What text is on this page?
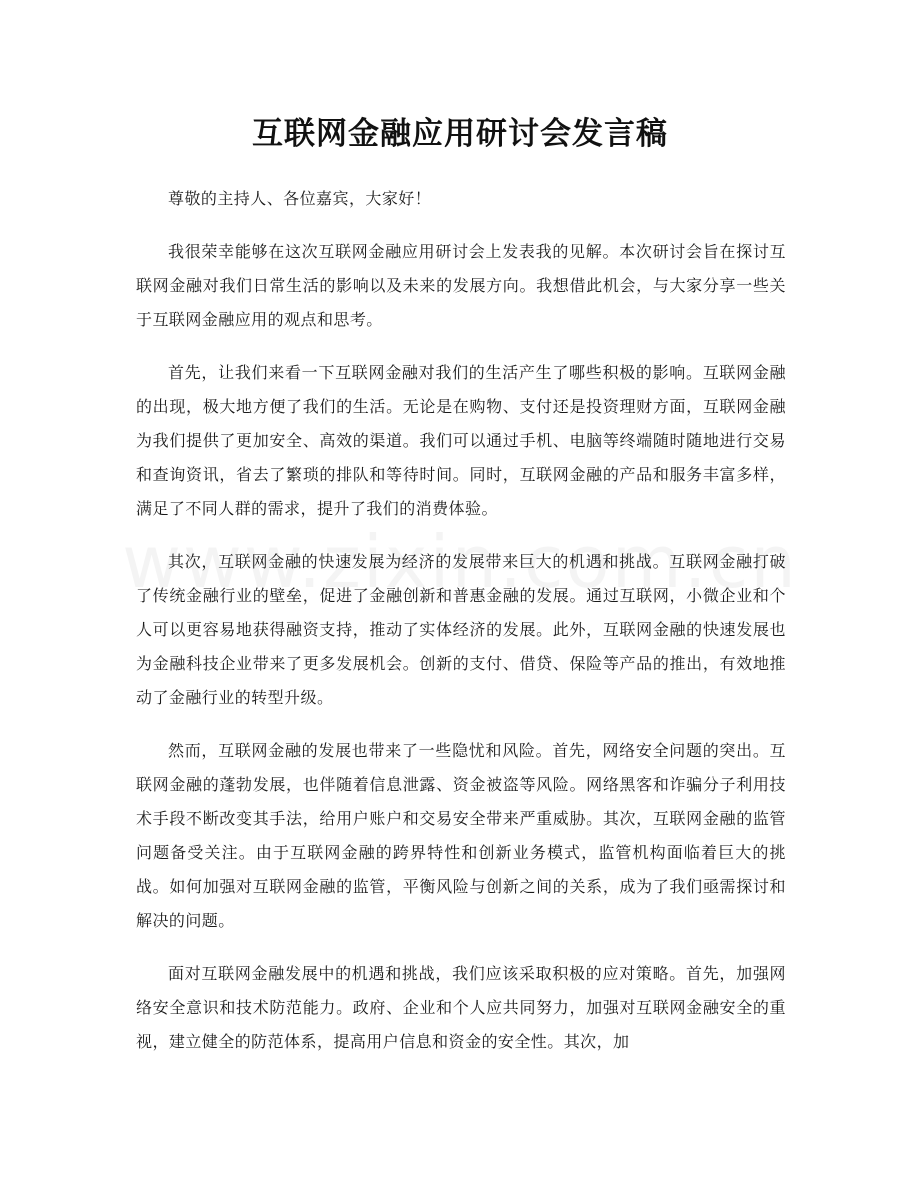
互联网金融应用研讨会发言稿

尊敬的主持人、各位嘉宾，大家好！

我很荣幸能够在这次互联网金融应用研讨会上发表我的见解。本次研讨会旨在探讨互联网金融对我们日常生活的影响以及未来的发展方向。我想借此机会，与大家分享一些关于互联网金融应用的观点和思考。

首先，让我们来看一下互联网金融对我们的生活产生了哪些积极的影响。互联网金融的出现，极大地方便了我们的生活。无论是在购物、支付还是投资理财方面，互联网金融为我们提供了更加安全、高效的渠道。我们可以通过手机、电脑等终端随时随地进行交易和查询资讯，省去了繁琐的排队和等待时间。同时，互联网金融的产品和服务丰富多样，满足了不同人群的需求，提升了我们的消费体验。

其次，互联网金融的快速发展为经济的发展带来巨大的机遇和挑战。互联网金融打破了传统金融行业的壁垒，促进了金融创新和普惠金融的发展。通过互联网，小微企业和个人可以更容易地获得融资支持，推动了实体经济的发展。此外，互联网金融的快速发展也为金融科技企业带来了更多发展机会。创新的支付、借贷、保险等产品的推出，有效地推动了金融行业的转型升级。

然而，互联网金融的发展也带来了一些隐忧和风险。首先，网络安全问题的突出。互联网金融的蓬勃发展，也伴随着信息泄露、资金被盗等风险。网络黑客和诈骗分子利用技术手段不断改变其手法，给用户账户和交易安全带来严重威胁。其次，互联网金融的监管问题备受关注。由于互联网金融的跨界特性和创新业务模式，监管机构面临着巨大的挑战。如何加强对互联网金融的监管，平衡风险与创新之间的关系，成为了我们亟需探讨和解决的问题。

面对互联网金融发展中的机遇和挑战，我们应该采取积极的应对策略。首先，加强网络安全意识和技术防范能力。政府、企业和个人应共同努力，加强对互联网金融安全的重视，建立健全的防范体系，提高用户信息和资金的安全性。其次，加
